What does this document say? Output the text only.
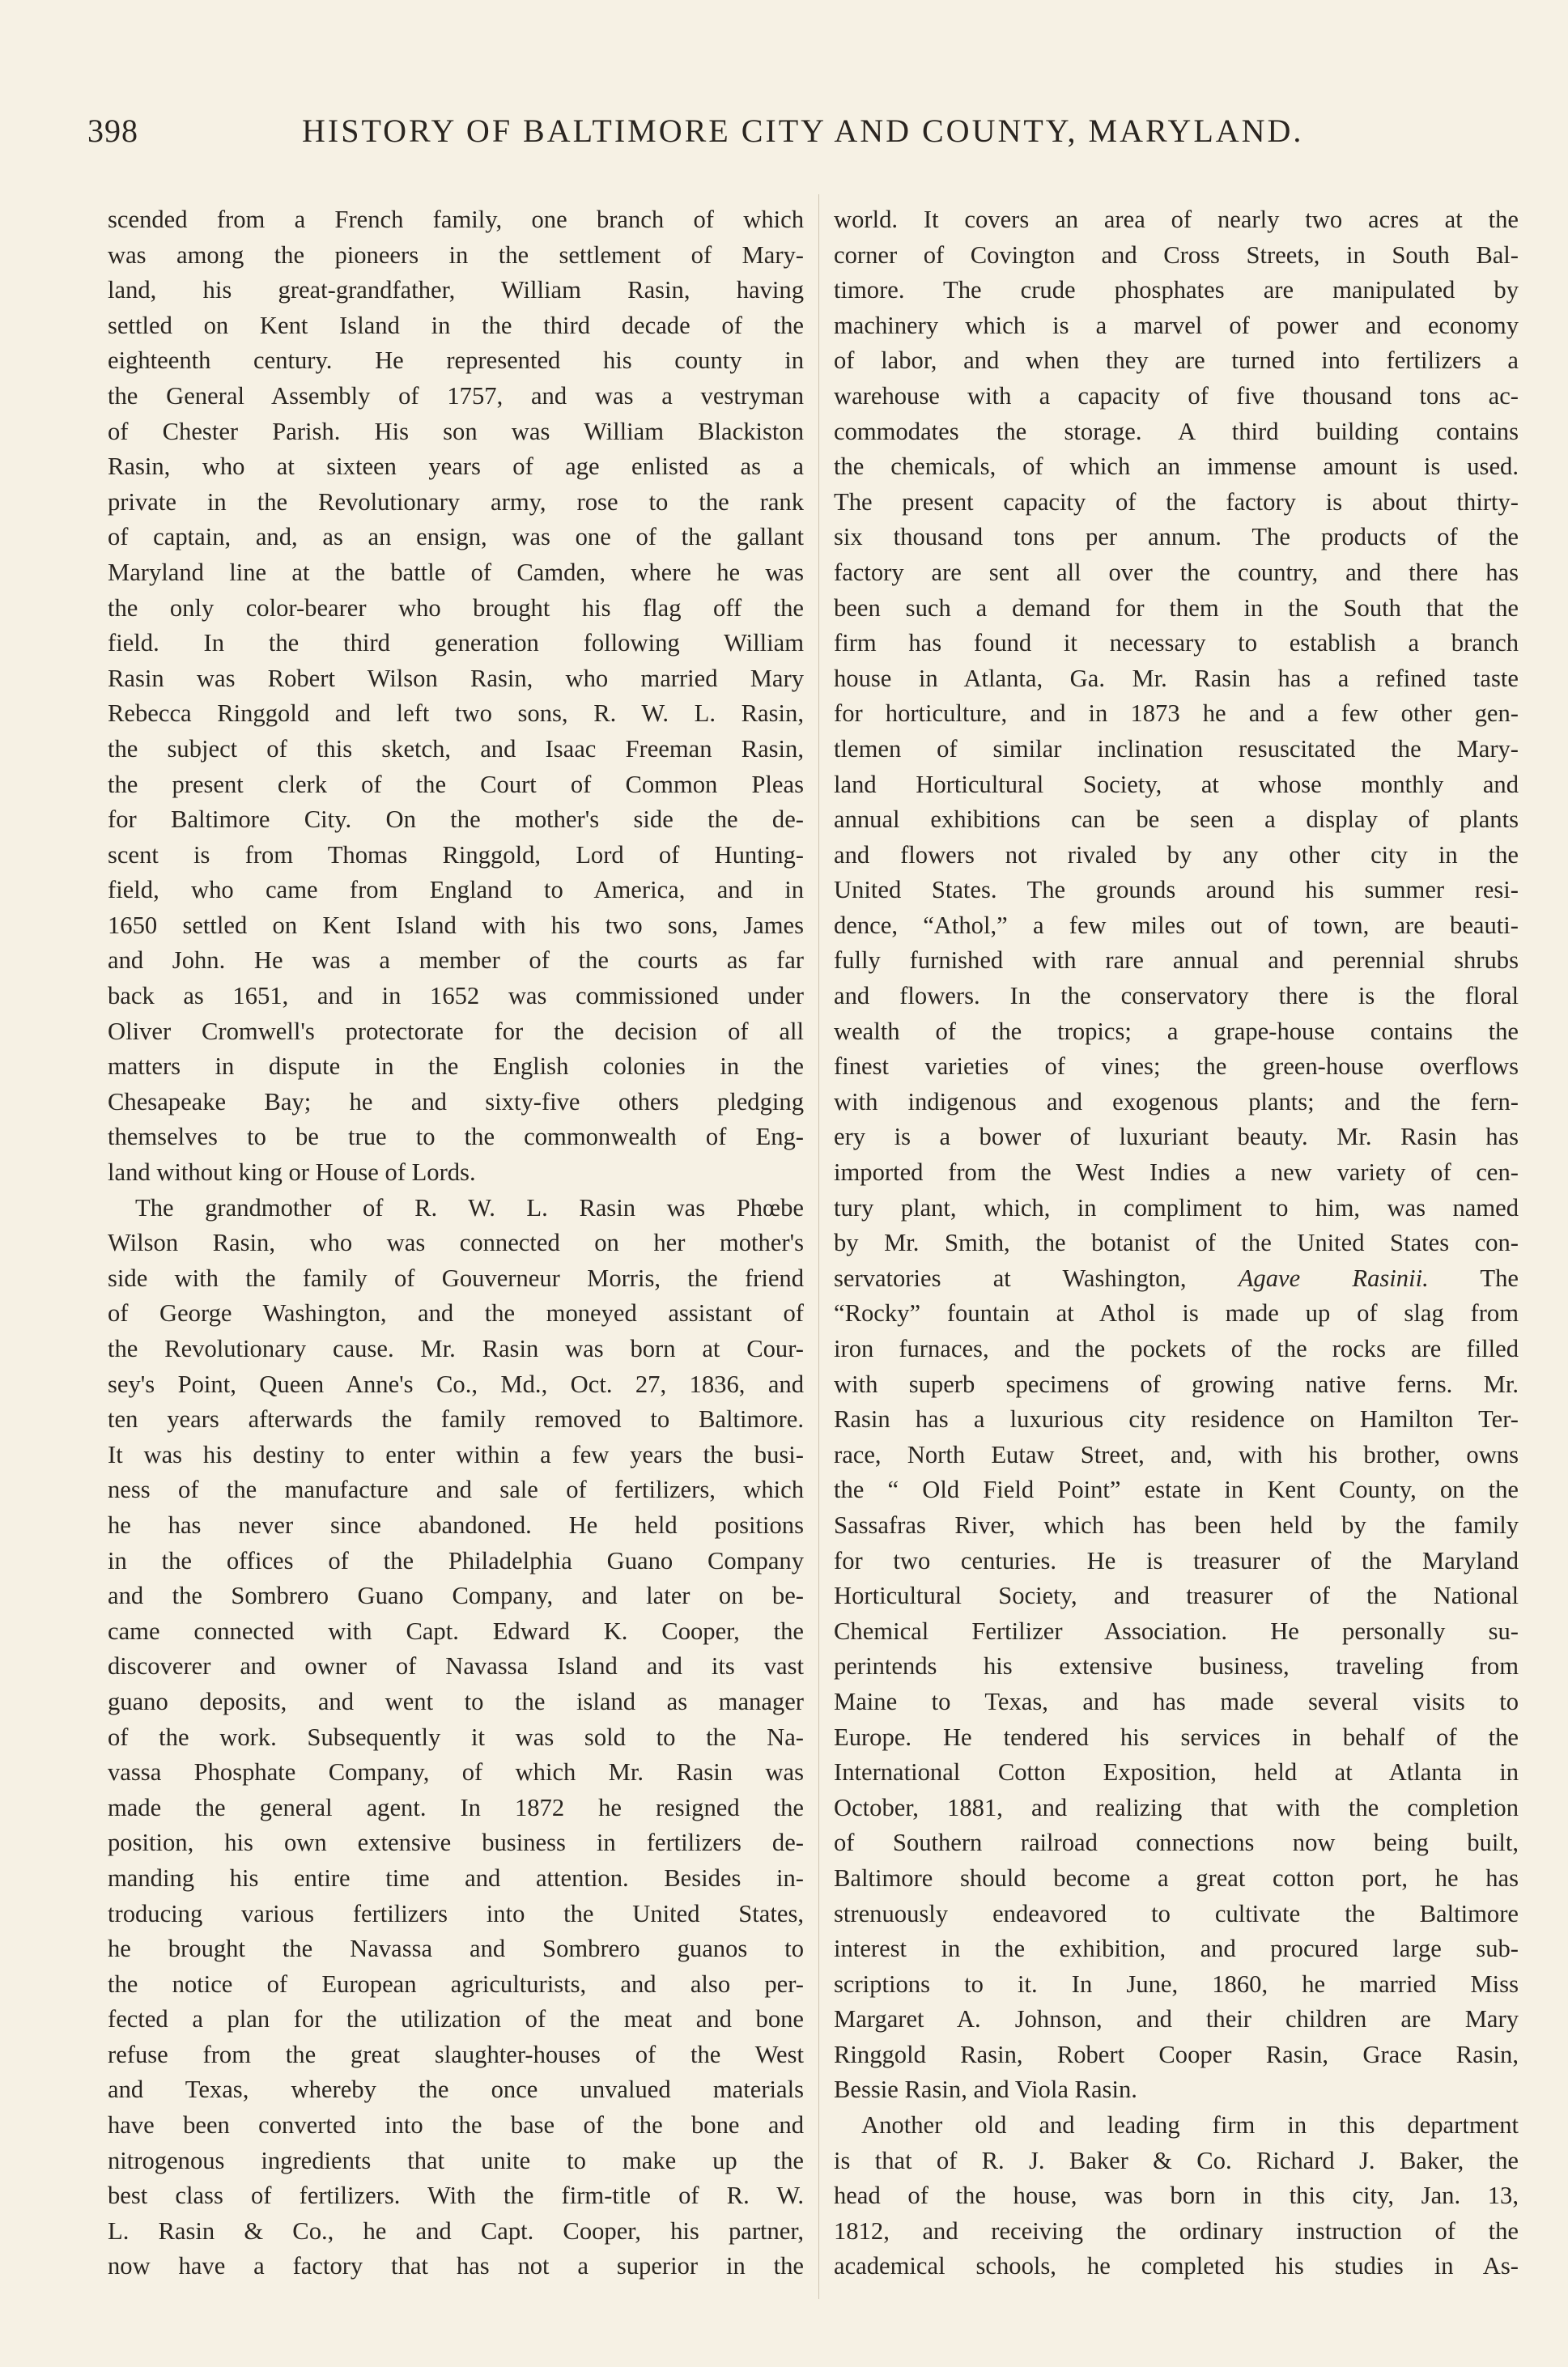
398	HISTORY OF BALTIMORE CITY AND COUNTY, MARYLAND.
scended from a French family, one branch of which
was among the pioneers in the settlement of Mary-
land, his great-grandfather, William Rasin, having
settled on Kent Island in the third decade of the
eighteenth century. He represented his county in
the General Assembly of 1757, and was a vestryman
of Chester Parish. His son was William Blackiston
Rasin, who at sixteen years of age enlisted as a
private in the Revolutionary army, rose to the rank
of captain, and, as an ensign, was one of the gallant
Maryland line at the battle of Camden, where he was
the only color-bearer who brought his flag off the
field. In the third generation following William
Rasin was Robert Wilson Rasin, who married Mary
Rebecca Ringgold and left two sons, R. W. L. Rasin,
the subject of this sketch, and Isaac Freeman Rasin,
the present clerk of the Court of Common Pleas
for Baltimore City. On the mother's side the de-
scent is from Thomas Ringgold, Lord of Hunting-
field, who came from England to America, and in
1650 settled on Kent Island with his two sons, James
and John. He was a member of the courts as far
back as 1651, and in 1652 was commissioned under
Oliver Cromwell's protectorate for the decision of all
matters in dispute in the English colonies in the
Chesapeake Bay; he and sixty-five others pledging
themselves to be true to the commonwealth of Eng-
land without king or House of Lords.
The grandmother of R. W. L. Rasin was Phœbe
Wilson Rasin, who was connected on her mother's
side with the family of Gouverneur Morris, the friend
of George Washington, and the moneyed assistant of
the Revolutionary cause. Mr. Rasin was born at Cour-
sey's Point, Queen Anne's Co., Md., Oct. 27, 1836, and
ten years afterwards the family removed to Baltimore.
It was his destiny to enter within a few years the busi-
ness of the manufacture and sale of fertilizers, which
he has never since abandoned. He held positions
in the offices of the Philadelphia Guano Company
and the Sombrero Guano Company, and later on be-
came connected with Capt. Edward K. Cooper, the
discoverer and owner of Navassa Island and its vast
guano deposits, and went to the island as manager
of the work. Subsequently it was sold to the Na-
vassa Phosphate Company, of which Mr. Rasin was
made the general agent. In 1872 he resigned the
position, his own extensive business in fertilizers de-
manding his entire time and attention. Besides in-
troducing various fertilizers into the United States,
he brought the Navassa and Sombrero guanos to
the notice of European agriculturists, and also per-
fected a plan for the utilization of the meat and bone
refuse from the great slaughter-houses of the West
and Texas, whereby the once unvalued materials
have been converted into the base of the bone and
nitrogenous ingredients that unite to make up the
best class of fertilizers. With the firm-title of R. W.
L. Rasin & Co., he and Capt. Cooper, his partner,
now have a factory that has not a superior in the
world. It covers an area of nearly two acres at the
corner of Covington and Cross Streets, in South Bal-
timore. The crude phosphates are manipulated by
machinery which is a marvel of power and economy
of labor, and when they are turned into fertilizers a
warehouse with a capacity of five thousand tons ac-
commodates the storage. A third building contains
the chemicals, of which an immense amount is used.
The present capacity of the factory is about thirty-
six thousand tons per annum. The products of the
factory are sent all over the country, and there has
been such a demand for them in the South that the
firm has found it necessary to establish a branch
house in Atlanta, Ga. Mr. Rasin has a refined taste
for horticulture, and in 1873 he and a few other gen-
tlemen of similar inclination resuscitated the Mary-
land Horticultural Society, at whose monthly and
annual exhibitions can be seen a display of plants
and flowers not rivaled by any other city in the
United States. The grounds around his summer resi-
dence, “Athol,” a few miles out of town, are beauti-
fully furnished with rare annual and perennial shrubs
and flowers. In the conservatory there is the floral
wealth of the tropics; a grape-house contains the
finest varieties of vines; the green-house overflows
with indigenous and exogenous plants; and the fern-
ery is a bower of luxuriant beauty. Mr. Rasin has
imported from the West Indies a new variety of cen-
tury plant, which, in compliment to him, was named
by Mr. Smith, the botanist of the United States con-
servatories at Washington, Agave Rasinii. The
“Rocky” fountain at Athol is made up of slag from
iron furnaces, and the pockets of the rocks are filled
with superb specimens of growing native ferns. Mr.
Rasin has a luxurious city residence on Hamilton Ter-
race, North Eutaw Street, and, with his brother, owns
the “ Old Field Point” estate in Kent County, on the
Sassafras River, which has been held by the family
for two centuries. He is treasurer of the Maryland
Horticultural Society, and treasurer of the National
Chemical Fertilizer Association. He personally su-
perintends his extensive business, traveling from
Maine to Texas, and has made several visits to
Europe. He tendered his services in behalf of the
International Cotton Exposition, held at Atlanta in
October, 1881, and realizing that with the completion
of Southern railroad connections now being built,
Baltimore should become a great cotton port, he has
strenuously endeavored to cultivate the Baltimore
interest in the exhibition, and procured large sub-
scriptions to it. In June, 1860, he married Miss
Margaret A. Johnson, and their children are Mary
Ringgold Rasin, Robert Cooper Rasin, Grace Rasin,
Bessie Rasin, and Viola Rasin.
Another old and leading firm in this department
is that of R. J. Baker & Co. Richard J. Baker, the
head of the house, was born in this city, Jan. 13,
1812, and receiving the ordinary instruction of the
academical schools, he completed his studies in As-
